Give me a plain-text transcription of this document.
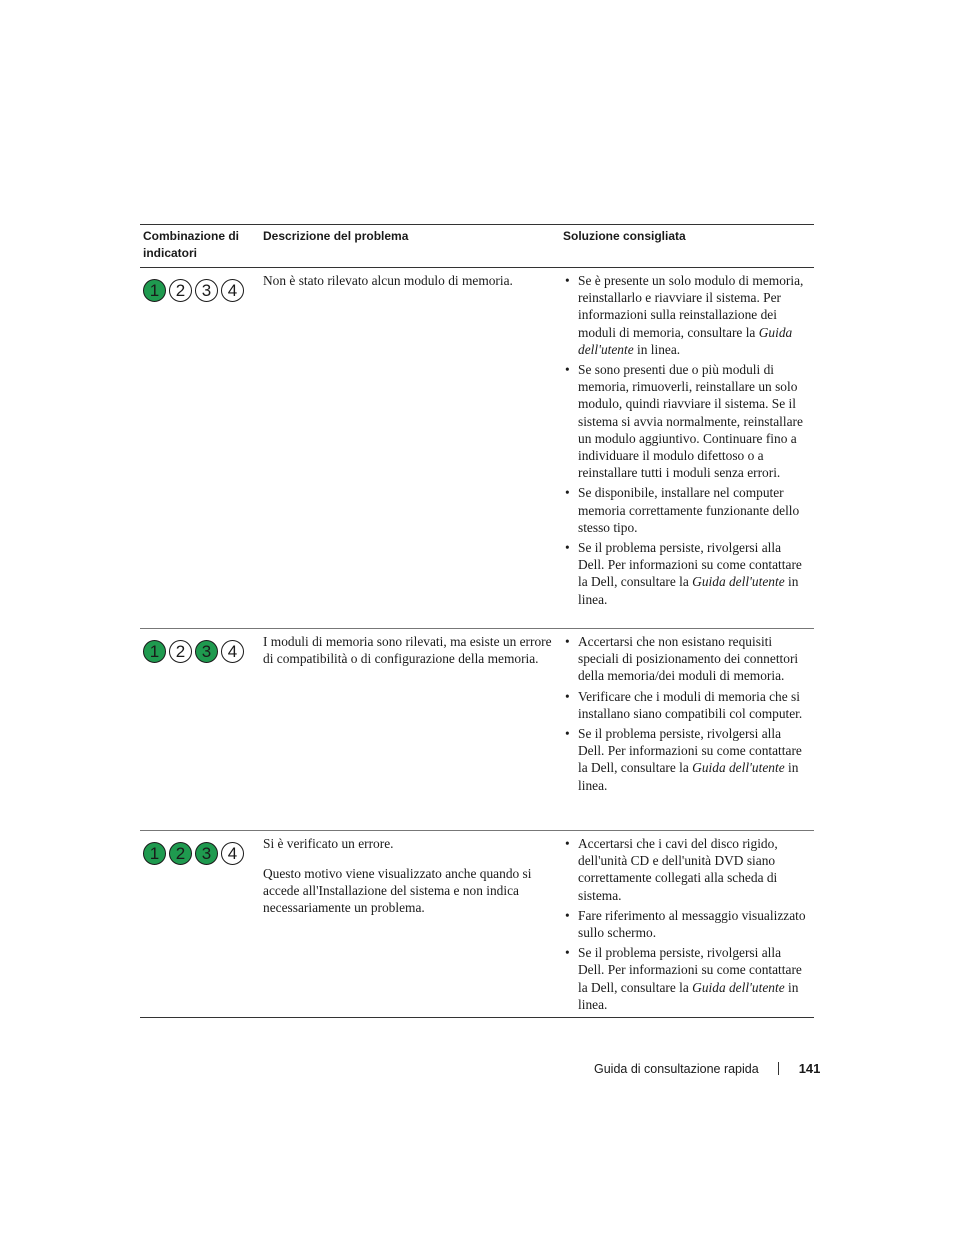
Combinazione di indicatori
Descrizione del problema	Soluzione consigliata
1 2 3 4

Non è stato rilevato alcun modulo di memoria.

•	Se è presente un solo modulo di memoria, reinstallarlo e riavviare il sistema. Per informazioni sulla reinstallazione dei moduli di memoria, consultare la Guida dell'utente in linea.
• Se sono presenti due o più moduli di memoria, rimuoverli, reinstallare un solo modulo, quindi riavviare il sistema. Se il sistema si avvia normalmente, reinstallare un modulo aggiuntivo. Continuare fino a individuare il modulo difettoso o a reinstallare tutti i moduli senza errori.
• Se disponibile, installare nel computer memoria correttamente funzionante dello stesso tipo.
• Se il problema persiste, rivolgersi alla Dell. Per informazioni su come contattare la Dell, consultare la Guida dell'utente in linea.
1 2 3 4

I moduli di memoria sono rilevati, ma esiste un errore di compatibilità o di configurazione della memoria.

• Accertarsi che non esistano requisiti speciali di posizionamento dei connettori della memoria/dei moduli di memoria.
• Verificare che i moduli di memoria che si installano siano compatibili col computer.
• Se il problema persiste, rivolgersi alla Dell. Per informazioni su come contattare la Dell, consultare la Guida dell'utente in linea.
1 2 3 4

Si è verificato un errore.

Questo motivo viene visualizzato anche quando si accede all'Installazione del sistema e non indica necessariamente un problema.

• Accertarsi che i cavi del disco rigido, dell'unità CD e dell'unità DVD siano correttamente collegati alla scheda di sistema.
• Fare riferimento al messaggio visualizzato sullo schermo.
• Se il problema persiste, rivolgersi alla Dell. Per informazioni su come contattare la Dell, consultare la Guida dell'utente in linea.
Guida di consultazione rapida	141
